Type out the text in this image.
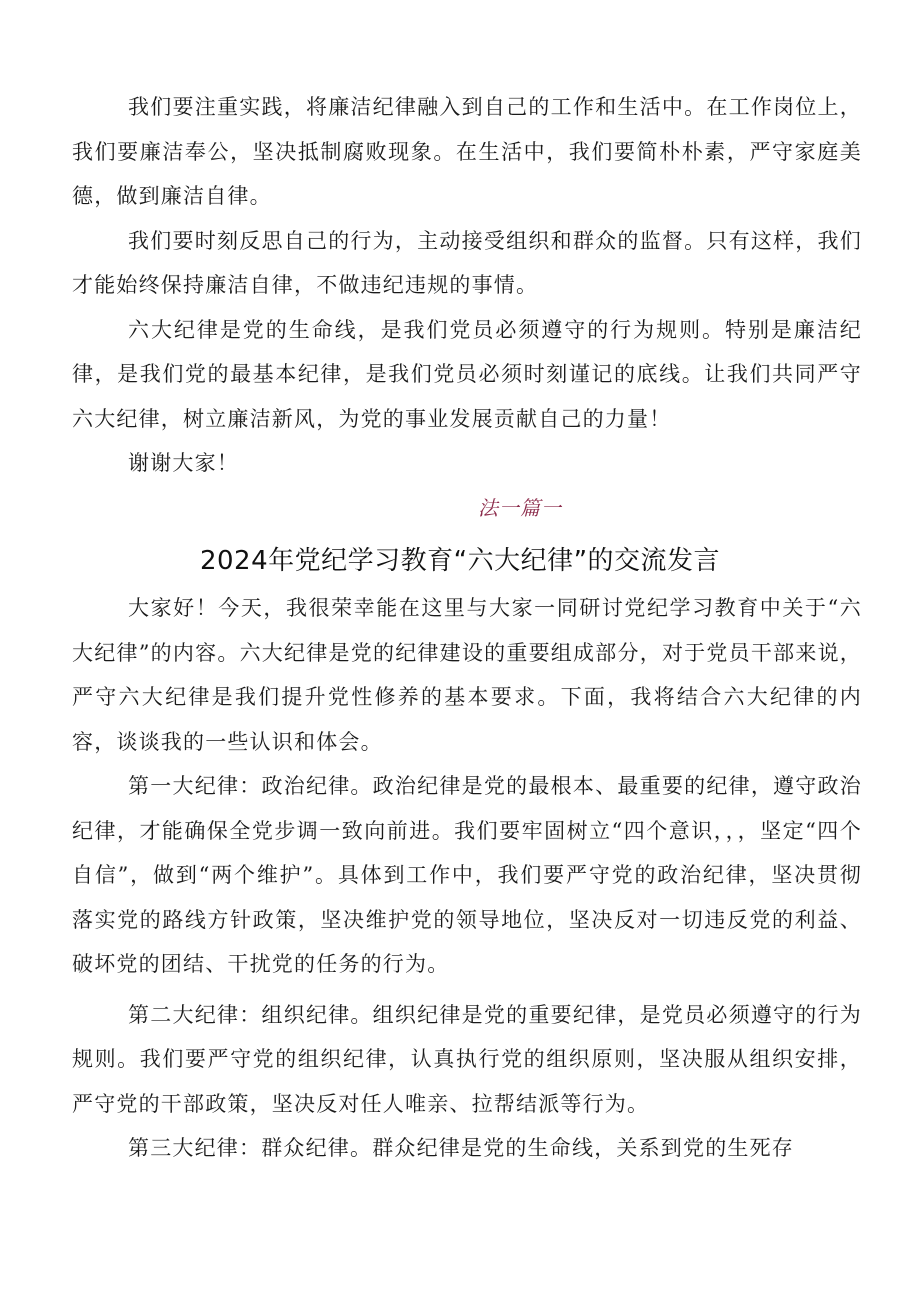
我们要注重实践，将廉洁纪律融入到自己的工作和生活中。在工作岗位上，我们要廉洁奉公，坚决抵制腐败现象。在生活中，我们要简朴朴素，严守家庭美德，做到廉洁自律。

我们要时刻反思自己的行为，主动接受组织和群众的监督。只有这样，我们才能始终保持廉洁自律，不做违纪违规的事情。

六大纪律是党的生命线，是我们党员必须遵守的行为规则。特别是廉洁纪律，是我们党的最基本纪律，是我们党员必须时刻谨记的底线。让我们共同严守六大纪律，树立廉洁新风，为党的事业发展贡献自己的力量！

谢谢大家！

法一篇一
2024年党纪学习教育“六大纪律”的交流发言

大家好！今天，我很荣幸能在这里与大家一同研讨党纪学习教育中关于“六大纪律”的内容。六大纪律是党的纪律建设的重要组成部分，对于党员干部来说，严守六大纪律是我们提升党性修养的基本要求。下面，我将结合六大纪律的内容，谈谈我的一些认识和体会。

第一大纪律：政治纪律。政治纪律是党的最根本、最重要的纪律，遵守政治纪律，才能确保全党步调一致向前进。我们要牢固树立“四个意识，，，坚定“四个自信”，做到“两个维护”。具体到工作中，我们要严守党的政治纪律，坚决贯彻落实党的路线方针政策，坚决维护党的领导地位，坚决反对一切违反党的利益、破坏党的团结、干扰党的任务的行为。

第二大纪律：组织纪律。组织纪律是党的重要纪律，是党员必须遵守的行为规则。我们要严守党的组织纪律，认真执行党的组织原则，坚决服从组织安排，严守党的干部政策，坚决反对任人唯亲、拉帮结派等行为。

第三大纪律：群众纪律。群众纪律是党的生命线，关系到党的生死存
